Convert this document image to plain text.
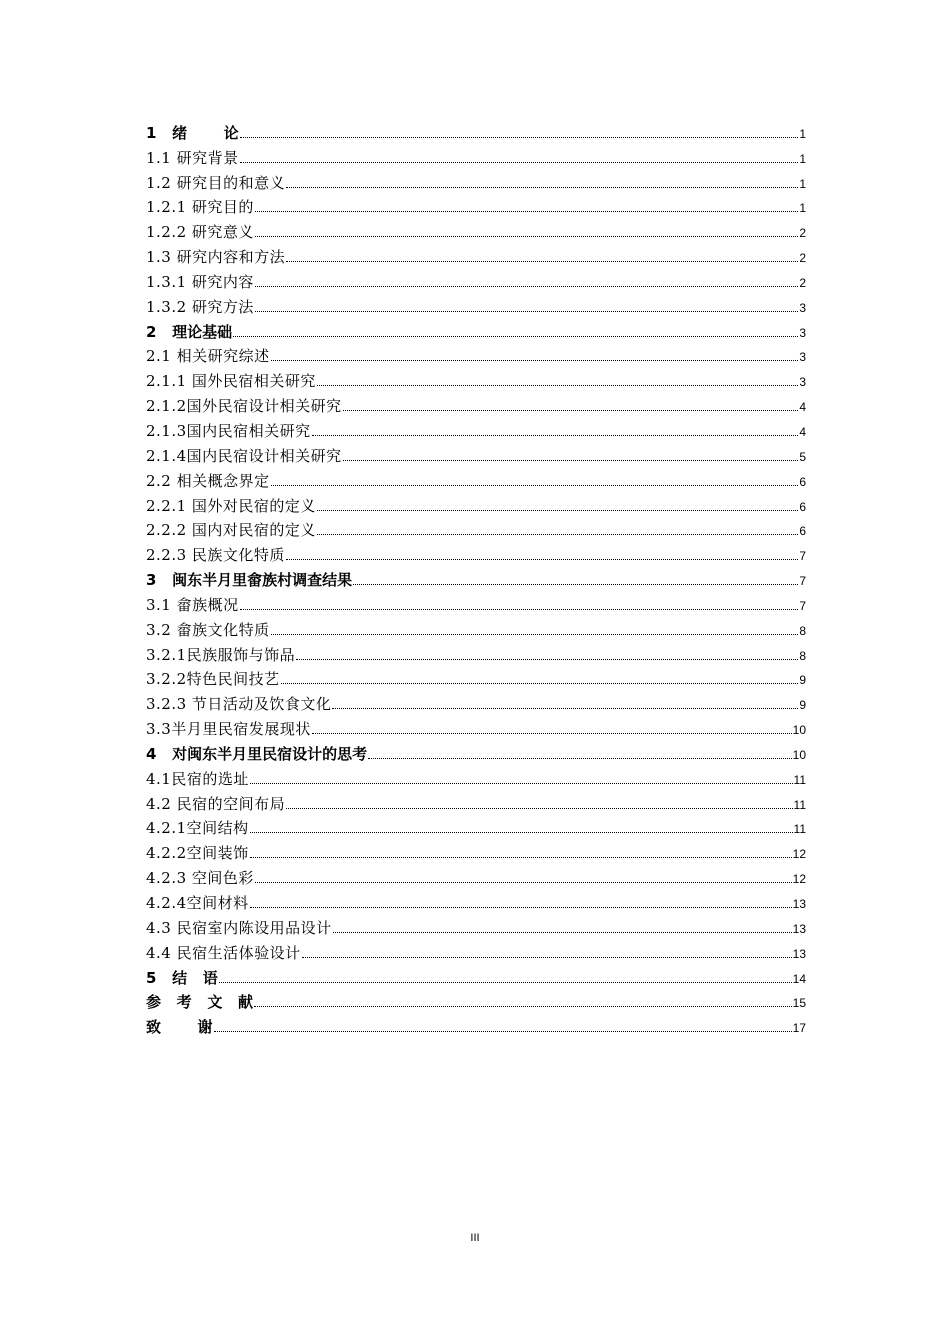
1   绪       论	1
1.1 研究背景	1
1.2 研究目的和意义	1
1.2.1 研究目的	1
1.2.2 研究意义	2
1.3 研究内容和方法	2
1.3.1 研究内容	2
1.3.2 研究方法	3
2   理论基础	3
2.1 相关研究综述	3
2.1.1 国外民宿相关研究	3
2.1.2国外民宿设计相关研究	4
2.1.3国内民宿相关研究	4
2.1.4国内民宿设计相关研究	5
2.2 相关概念界定	6
2.2.1 国外对民宿的定义	6
2.2.2 国内对民宿的定义	6
2.2.3 民族文化特质	7
3   闽东半月里畲族村调查结果	7
3.1 畲族概况	7
3.2 畲族文化特质	8
3.2.1民族服饰与饰品	8
3.2.2特色民间技艺	9
3.2.3 节日活动及饮食文化	9
3.3半月里民宿发展现状	10
4   对闽东半月里民宿设计的思考	10
4.1民宿的选址	11
4.2 民宿的空间布局	11
4.2.1空间结构	11
4.2.2空间装饰	12
4.2.3 空间色彩	12
4.2.4空间材料	13
4.3 民宿室内陈设用品设计	13
4.4 民宿生活体验设计	13
5   结   语	14
参   考   文   献	15
致       谢	17
III
